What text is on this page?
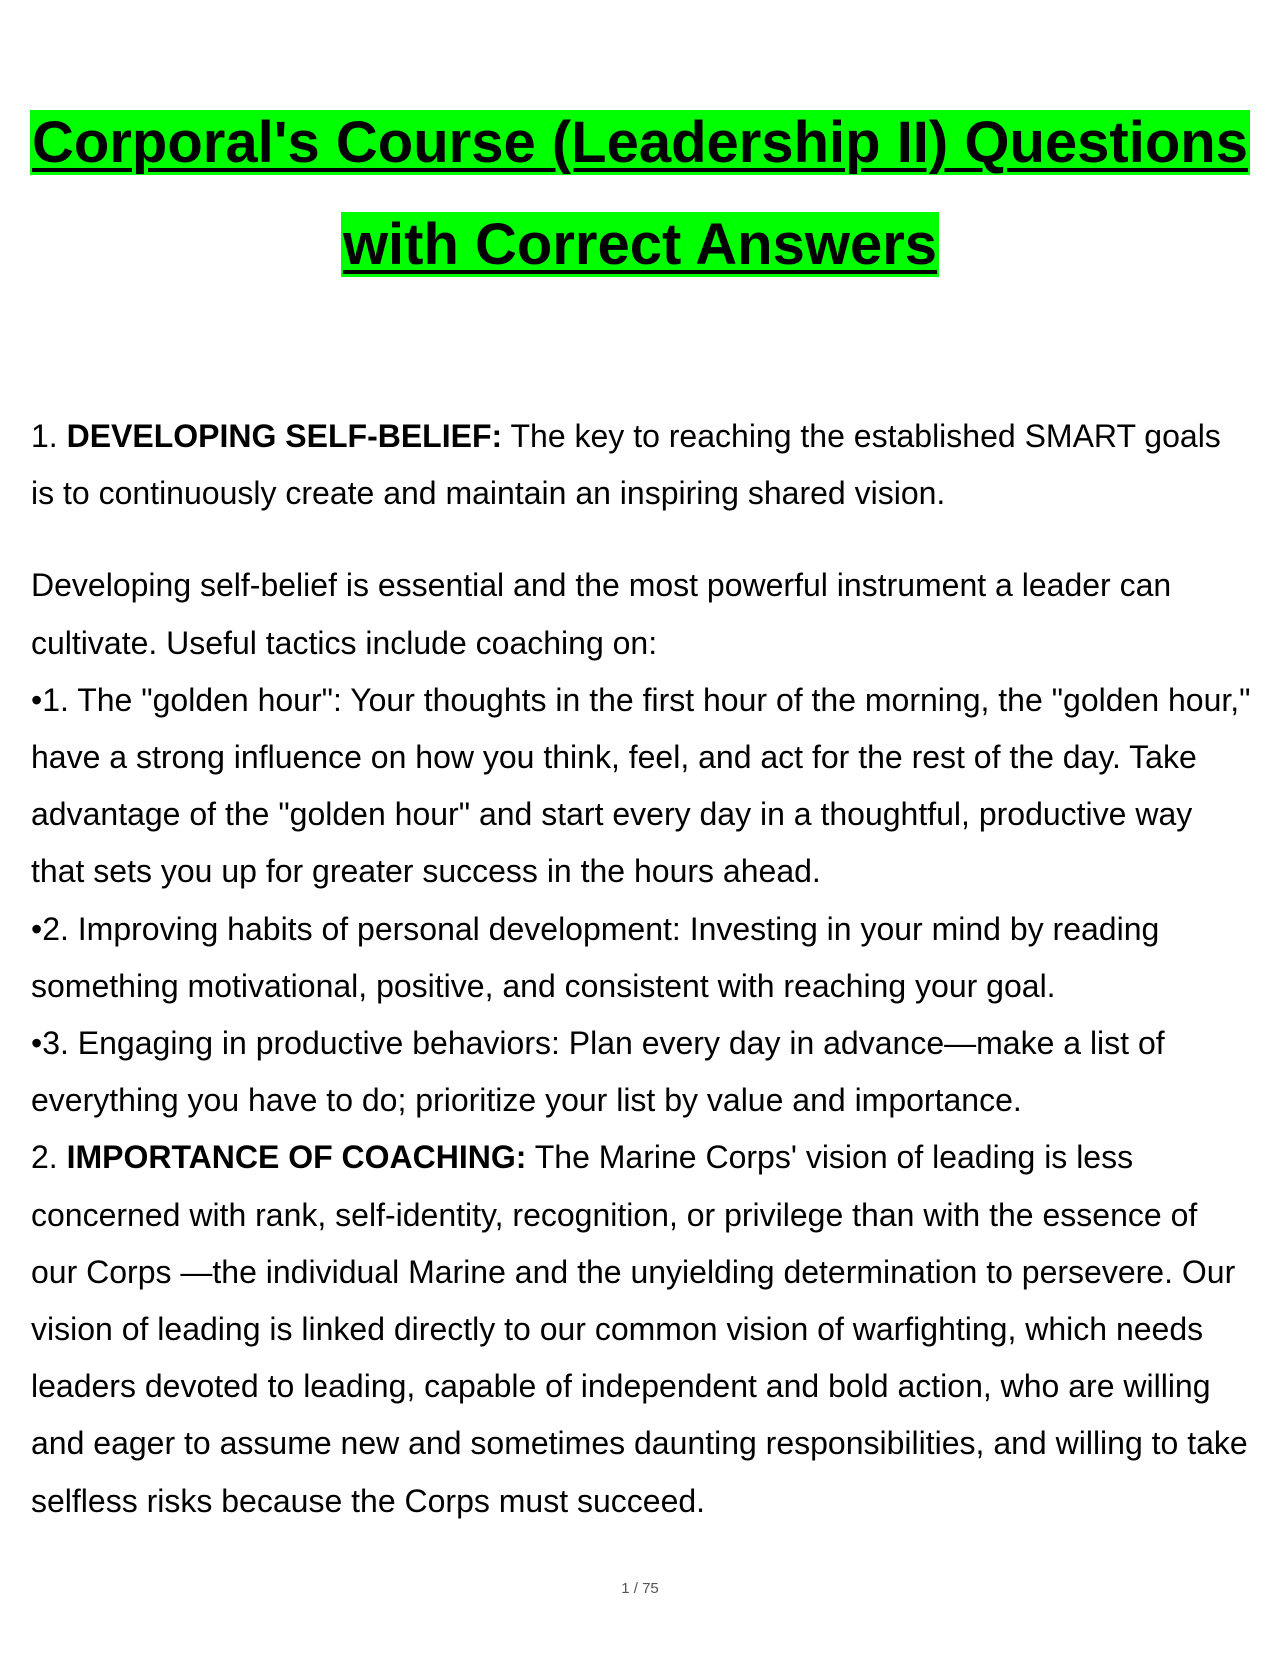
Corporal's Course (Leadership II) Questions
with Correct Answers

1. DEVELOPING SELF-BELIEF: The key to reaching the established SMART goals is to continuously create and maintain an inspiring shared vision.

Developing self-belief is essential and the most powerful instrument a leader can cultivate. Useful tactics include coaching on:

•1. The "golden hour": Your thoughts in the first hour of the morning, the "golden hour," have a strong influence on how you think, feel, and act for the rest of the day. Take advantage of the "golden hour" and start every day in a thoughtful, productive way that sets you up for greater success in the hours ahead.

•2. Improving habits of personal development: Investing in your mind by reading something motivational, positive, and consistent with reaching your goal.

•3. Engaging in productive behaviors: Plan every day in advance—make a list of everything you have to do; prioritize your list by value and importance.

2. IMPORTANCE OF COACHING: The Marine Corps' vision of leading is less concerned with rank, self-identity, recognition, or privilege than with the essence of our Corps —the individual Marine and the unyielding determination to persevere. Our vision of leading is linked directly to our common vision of warfighting, which needs leaders devoted to leading, capable of independent and bold action, who are willing and eager to assume new and sometimes daunting responsibilities, and willing to take selfless risks because the Corps must succeed.

1 / 75
